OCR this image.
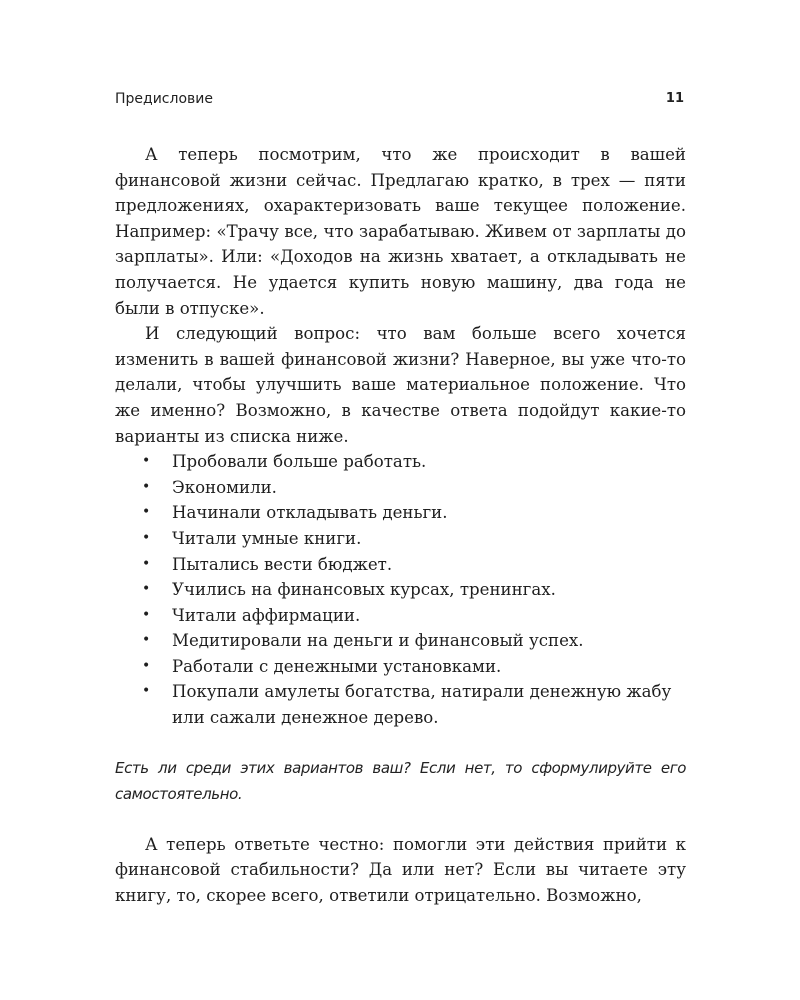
Предисловие	11

А теперь посмотрим, что же происходит в вашей финансовой жизни сейчас. Предлагаю кратко, в трех — пяти предложениях, охарактеризовать ваше текущее положение. Например: «Трачу все, что зарабатываю. Живем от зарплаты до зарплаты». Или: «Доходов на жизнь хватает, а откладывать не получается. Не удается купить новую машину, два года не были в отпуске».

И следующий вопрос: что вам больше всего хочется изменить в вашей финансовой жизни? Наверное, вы уже что-то делали, чтобы улучшить ваше материальное положение. Что же именно? Возможно, в качестве ответа подойдут какие-то варианты из списка ниже.

• Пробовали больше работать.
• Экономили.
• Начинали откладывать деньги.
• Читали умные книги.
• Пытались вести бюджет.
• Учились на финансовых курсах, тренингах.
• Читали аффирмации.
• Медитировали на деньги и финансовый успех.
• Работали с денежными установками.
• Покупали амулеты богатства, натирали денежную жабу или сажали денежное дерево.
Есть ли среди этих вариантов ваш? Если нет, то сформулируйте его самостоятельно.

А теперь ответьте честно: помогли эти действия прийти к финансовой стабильности? Да или нет? Если вы читаете эту книгу, то, скорее всего, ответили отрицательно. Возможно,
